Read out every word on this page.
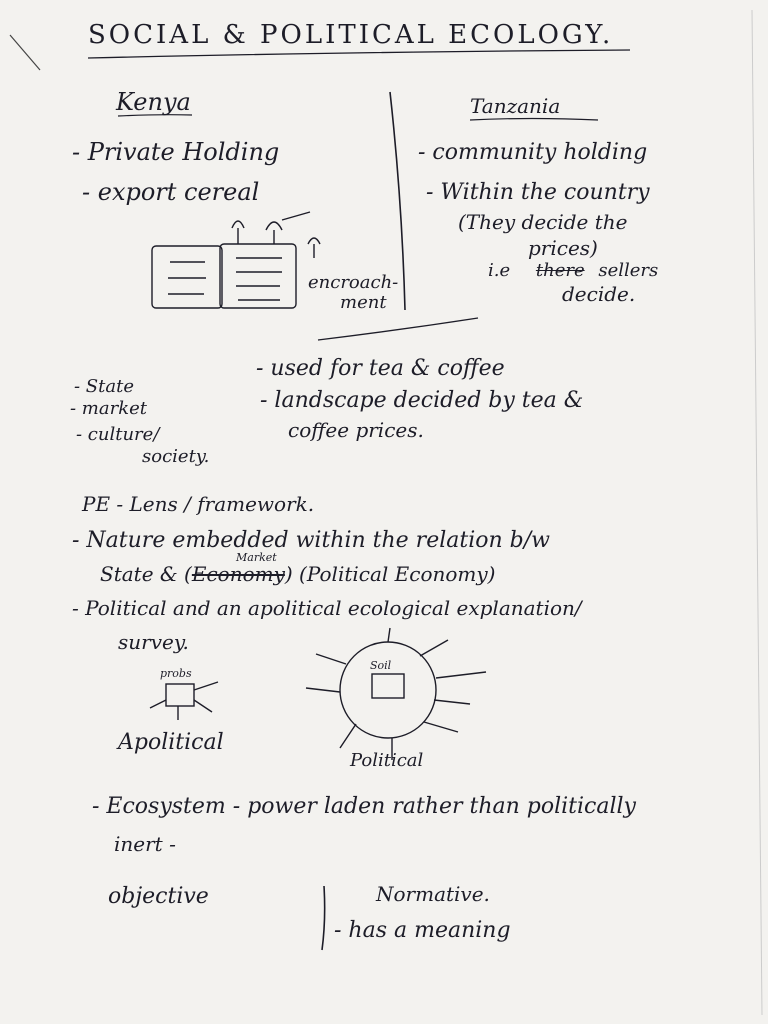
SOCIAL & POLITICAL ECOLOGY.
Kenya
- Private Holding
- export cereal
encroach-
ment
Tanzania
- community holding
- Within the country
(They decide the
prices)
i.e there sellers
decide.
- State
- market
- culture/
society.
- used for tea & coffee
- landscape decided by tea &
coffee prices.
PE - Lens / framework.
- Nature embedded within the relation b/w
Market
State & (Economy) (Political Economy)
- Political and an apolitical ecological explanation/
survey.
probs
Apolitical
Soil
Political
- Ecosystem - power laden rather than politically
inert -
objective	Normative.
- has a meaning
